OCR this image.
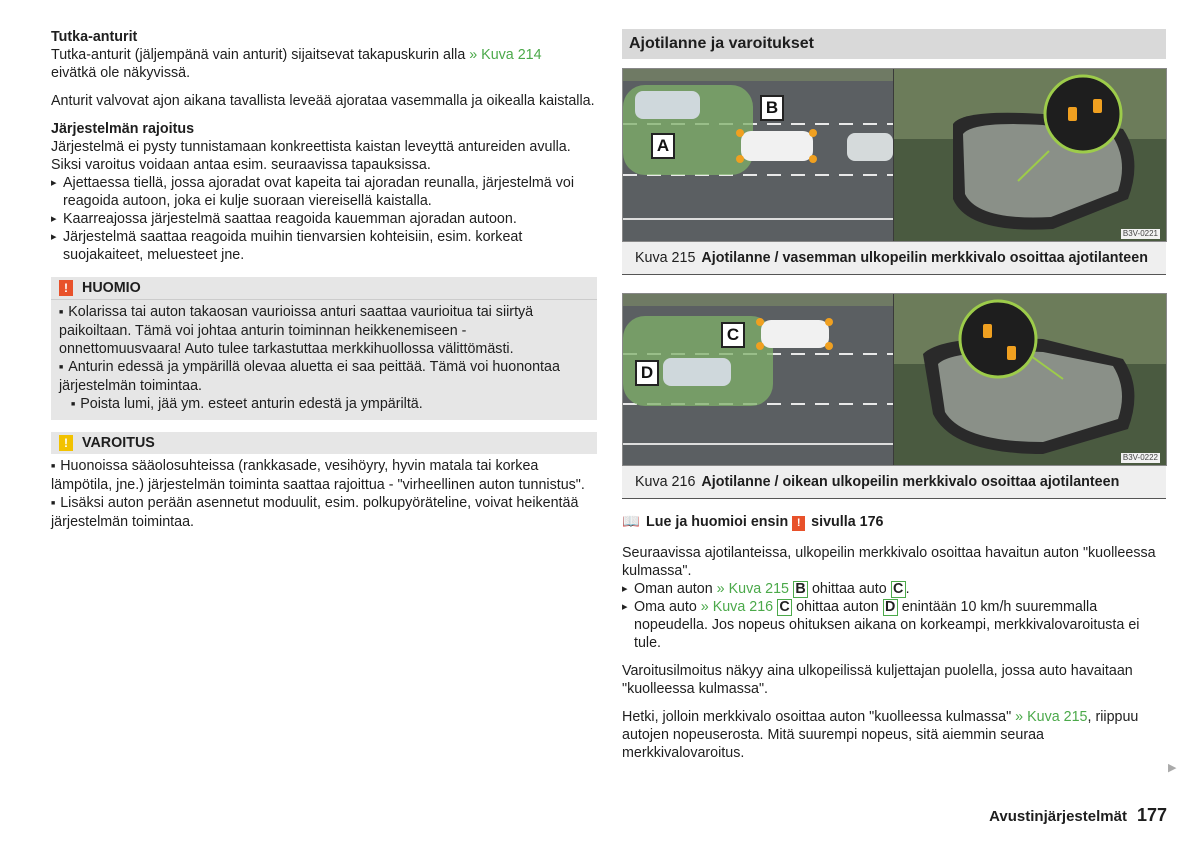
Tutka-anturit

Tutka-anturit (jäljempänä vain anturit) sijaitsevat takapuskurin alla » Kuva 214
eivätkä ole näkyvissä.

Anturit valvovat ajon aikana tavallista leveää ajorataa vasemmalla ja oikealla kaistalla.

Järjestelmän rajoitus

Järjestelmä ei pysty tunnistamaan konkreettista kaistan leveyttä antureiden avulla. Siksi varoitus voidaan antaa esim. seuraavissa tapauksissa.

▸ Ajettaessa tiellä, jossa ajoradat ovat kapeita tai ajoradan reunalla, järjestelmä voi reagoida autoon, joka ei kulje suoraan viereisellä kaistalla.

▸ Kaarreajossa järjestelmä saattaa reagoida kauemman ajoradan autoon.

▸ Järjestelmä saattaa reagoida muihin tienvarsien kohteisiin, esim. korkeat suojakaiteet, meluesteet jne.

! HUOMIO

■ Kolarissa tai auton takaosan vaurioissa anturi saattaa vaurioitua tai siirtyä paikoiltaan. Tämä voi johtaa anturin toiminnan heikkenemiseen - onnettomuusvaara! Auto tulee tarkastuttaa merkkihuollossa välittömästi.

■ Anturin edessä ja ympärillä olevaa aluetta ei saa peittää. Tämä voi huonontaa järjestelmän toimintaa.

■ Poista lumi, jää ym. esteet anturin edestä ja ympäriltä.

! VAROITUS

■ Huonoissa sääolosuhteissa (rankkasade, vesihöyry, hyvin matala tai korkea lämpötila, jne.) järjestelmän toiminta saattaa rajoittua - "virheellinen auton tunnistus".

■ Lisäksi auton perään asennetut moduulit, esim. polkupyöräteline, voivat heikentää järjestelmän toimintaa.

Ajotilanne ja varoitukset
A
B
B3V-0221
Kuva 215 Ajotilanne / vasemman ulkopeilin merkkivalo osoittaa ajotilanteen
C
D
B3V-0222
Kuva 216 Ajotilanne / oikean ulkopeilin merkkivalo osoittaa ajotilanteen

📖 Lue ja huomioi ensin ! sivulla 176

Seuraavissa ajotilanteissa, ulkopeilin merkkivalo osoittaa havaitun auton "kuolleessa kulmassa".

▸ Oman auton » Kuva 215 B ohittaa auto C .

▸ Oma auto » Kuva 216 C ohittaa auton D enintään 10 km/h suuremmalla nopeudella. Jos nopeus ohituksen aikana on korkeampi, merkkivalovaroitusta ei tule.

Varoitusilmoitus näkyy aina ulkopeilissä kuljettajan puolella, jossa auto havaitaan "kuolleessa kulmassa".

Hetki, jolloin merkkivalo osoittaa auton "kuolleessa kulmassa" » Kuva 215, riippuu autojen nopeuserosta. Mitä suurempi nopeus, sitä aiemmin seuraa merkkivalovaroitus.

▶
Avustinjärjestelmät 177
